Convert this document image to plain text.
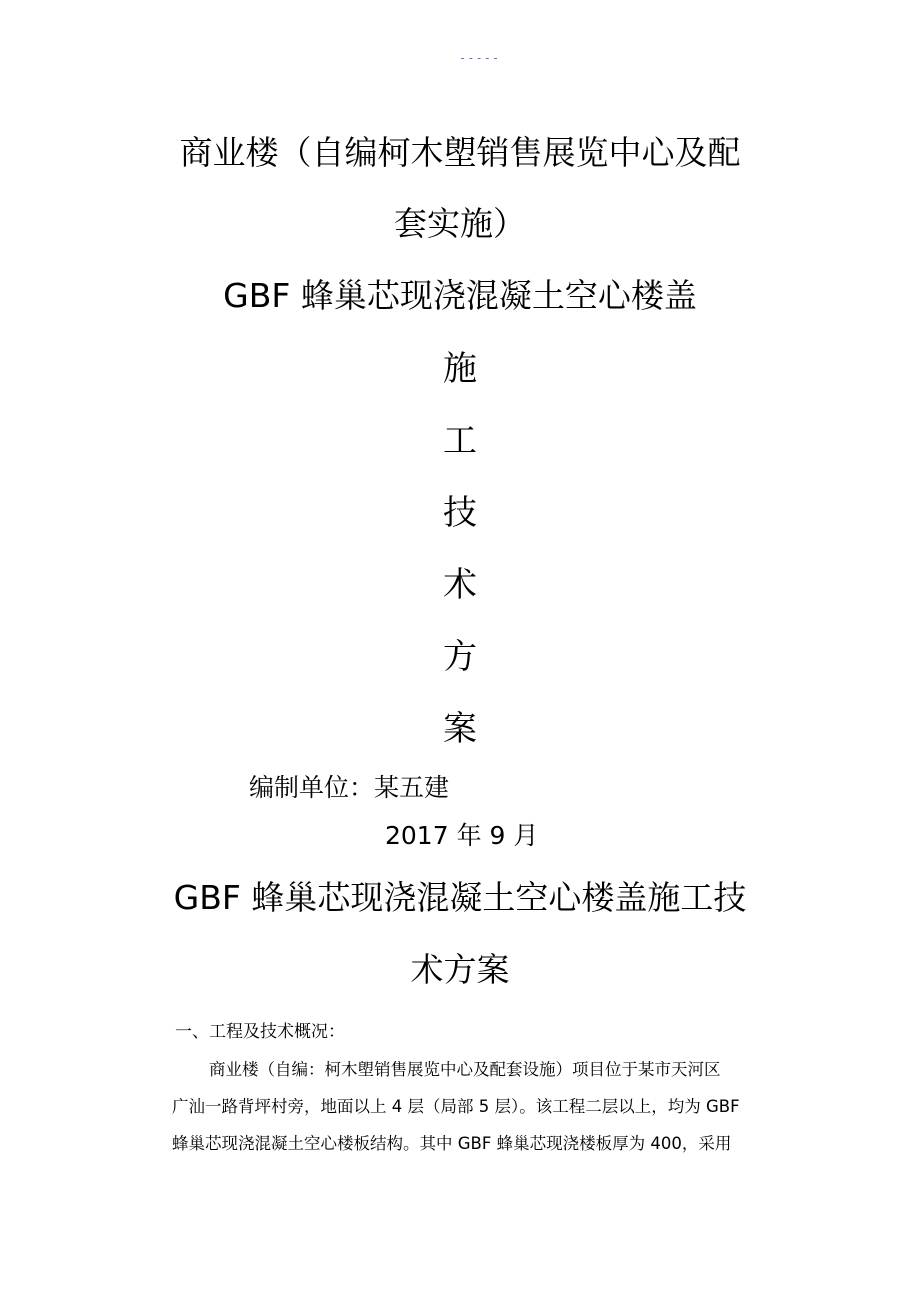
-----
商业楼（自编柯木塱销售展览中心及配
套实施）
GBF 蜂巢芯现浇混凝土空心楼盖
施
工
技
术
方
案
编制单位：某五建
2017 年 9 月
GBF 蜂巢芯现浇混凝土空心楼盖施工技
术方案
一、工程及技术概况：
商业楼（自编：柯木塱销售展览中心及配套设施）项目位于某市天河区
广汕一路背坪村旁，地面以上 4 层（局部 5 层）。该工程二层以上，均为 GBF
蜂巢芯现浇混凝土空心楼板结构。其中 GBF 蜂巢芯现浇楼板厚为 400，采用
